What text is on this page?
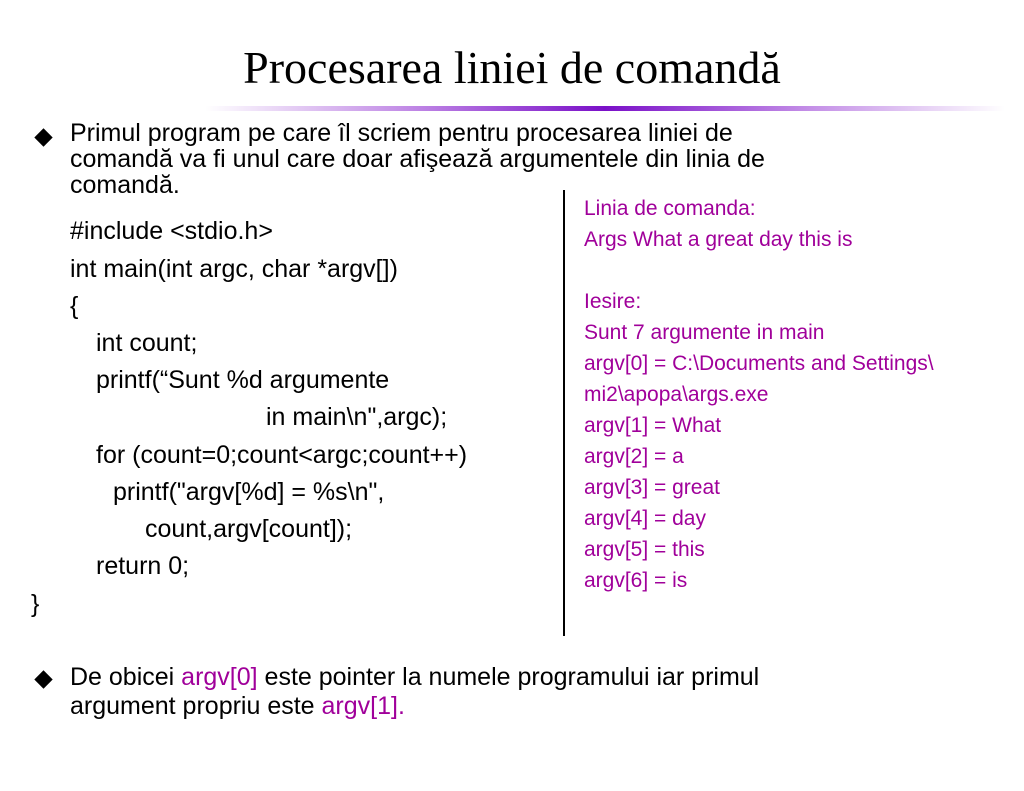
Procesarea liniei de comandă
Primul program pe care îl scriem pentru procesarea liniei de
comandă va fi unul care doar afişează argumentele din linia de
comandă.
#include <stdio.h>
int main(int argc, char *argv[])
{
int count;
printf(“Sunt %d argumente
in main\n",argc);
for (count=0;count<argc;count++)
printf("argv[%d] = %s\n",
count,argv[count]);
return 0;
}
Linia de comanda:
Args What a great day this is
Iesire:
Sunt 7 argumente in main
argv[0] = C:\Documents and Settings\
mi2\apopa\args.exe
argv[1] = What
argv[2] = a
argv[3] = great
argv[4] = day
argv[5] = this
argv[6] = is
De obicei argv[0] este pointer la numele programului iar primul
argument propriu este argv[1].
